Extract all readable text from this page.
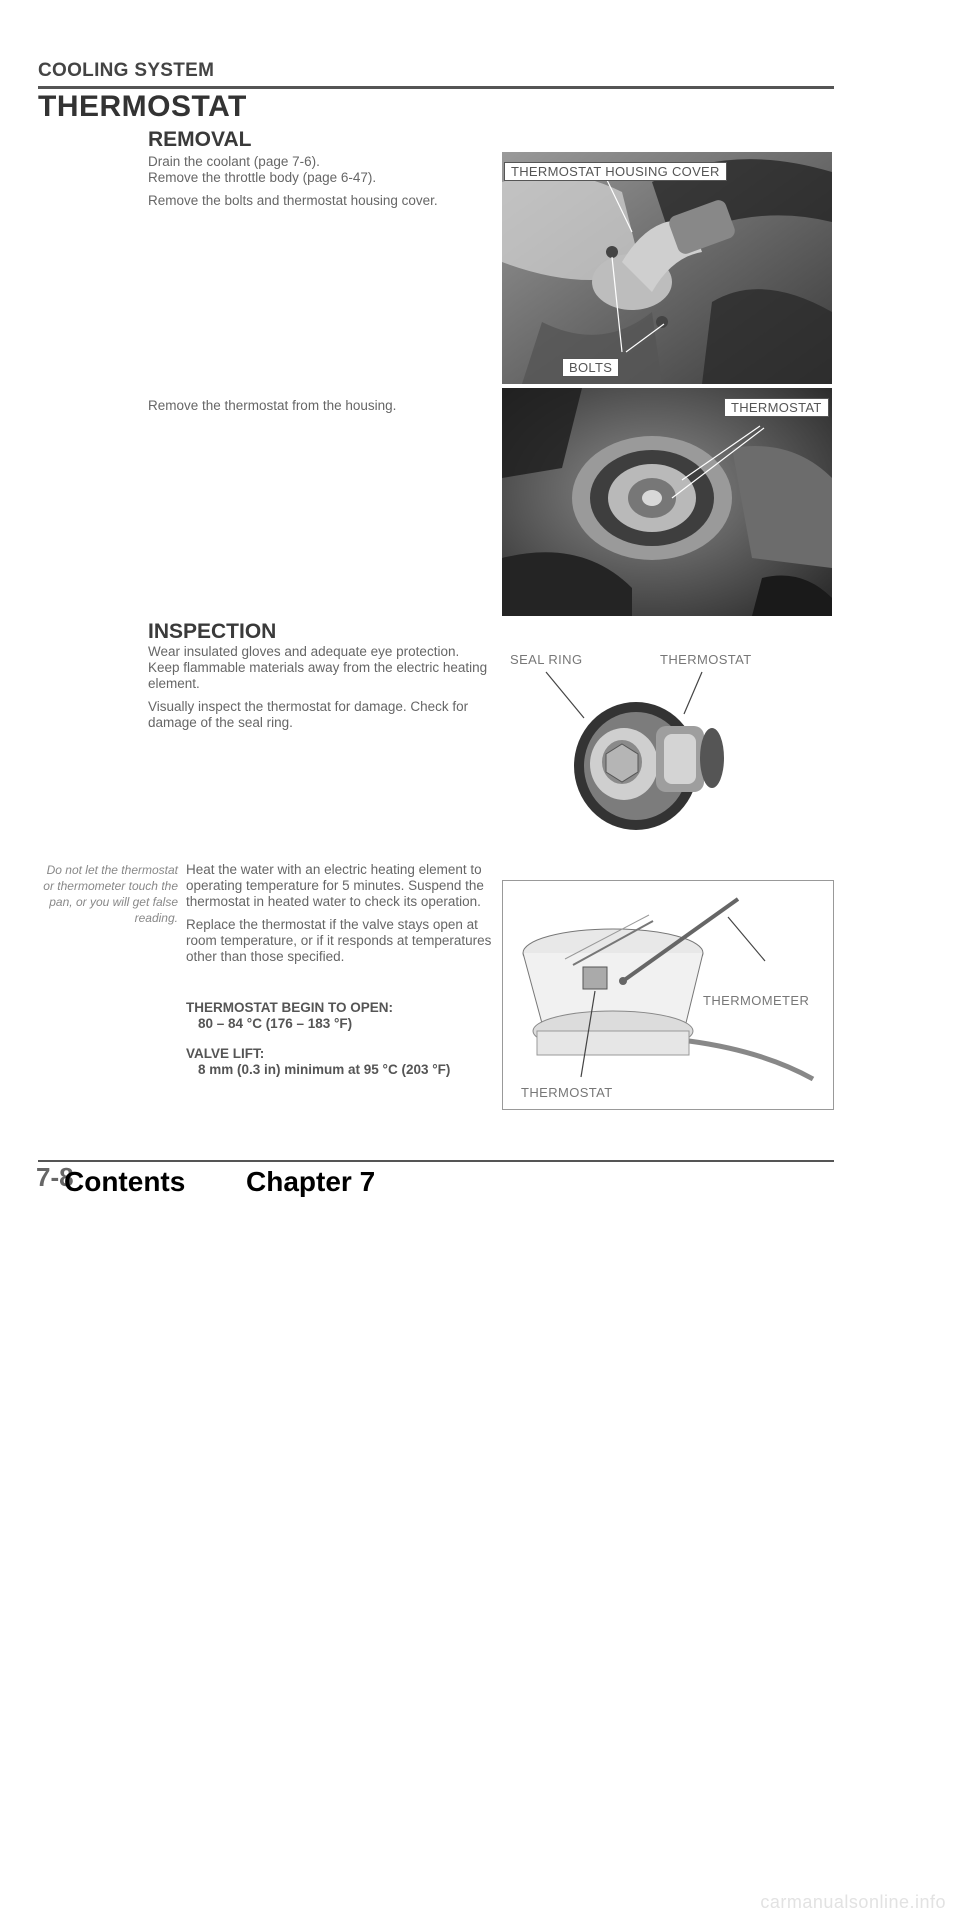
COOLING SYSTEM
THERMOSTAT
REMOVAL
Drain the coolant (page 7-6).
Remove the throttle body (page 6-47).
Remove the bolts and thermostat housing cover.
Remove the thermostat from the housing.
THERMOSTAT HOUSING COVER
BOLTS
THERMOSTAT
INSPECTION

Wear insulated gloves and adequate eye protection. Keep flammable materials away from the electric heating element.

Visually inspect the thermostat for damage. Check for damage of the seal ring.

SEAL RING	THERMOSTAT
Do not let the thermostat or thermometer touch the pan, or you will get false reading.

Heat the water with an electric heating element to operating temperature for 5 minutes. Suspend the thermostat in heated water to check its operation.

Replace the thermostat if the valve stays open at room temperature, or if it responds at temperatures other than those specified.

THERMOSTAT BEGIN TO OPEN:
80 – 84 °C (176 – 183 °F)
VALVE LIFT:
8 mm (0.3 in) minimum at 95 °C (203 °F)
THERMOMETER
THERMOSTAT
7-8
Contents Chapter 7
carmanualsonline.info
